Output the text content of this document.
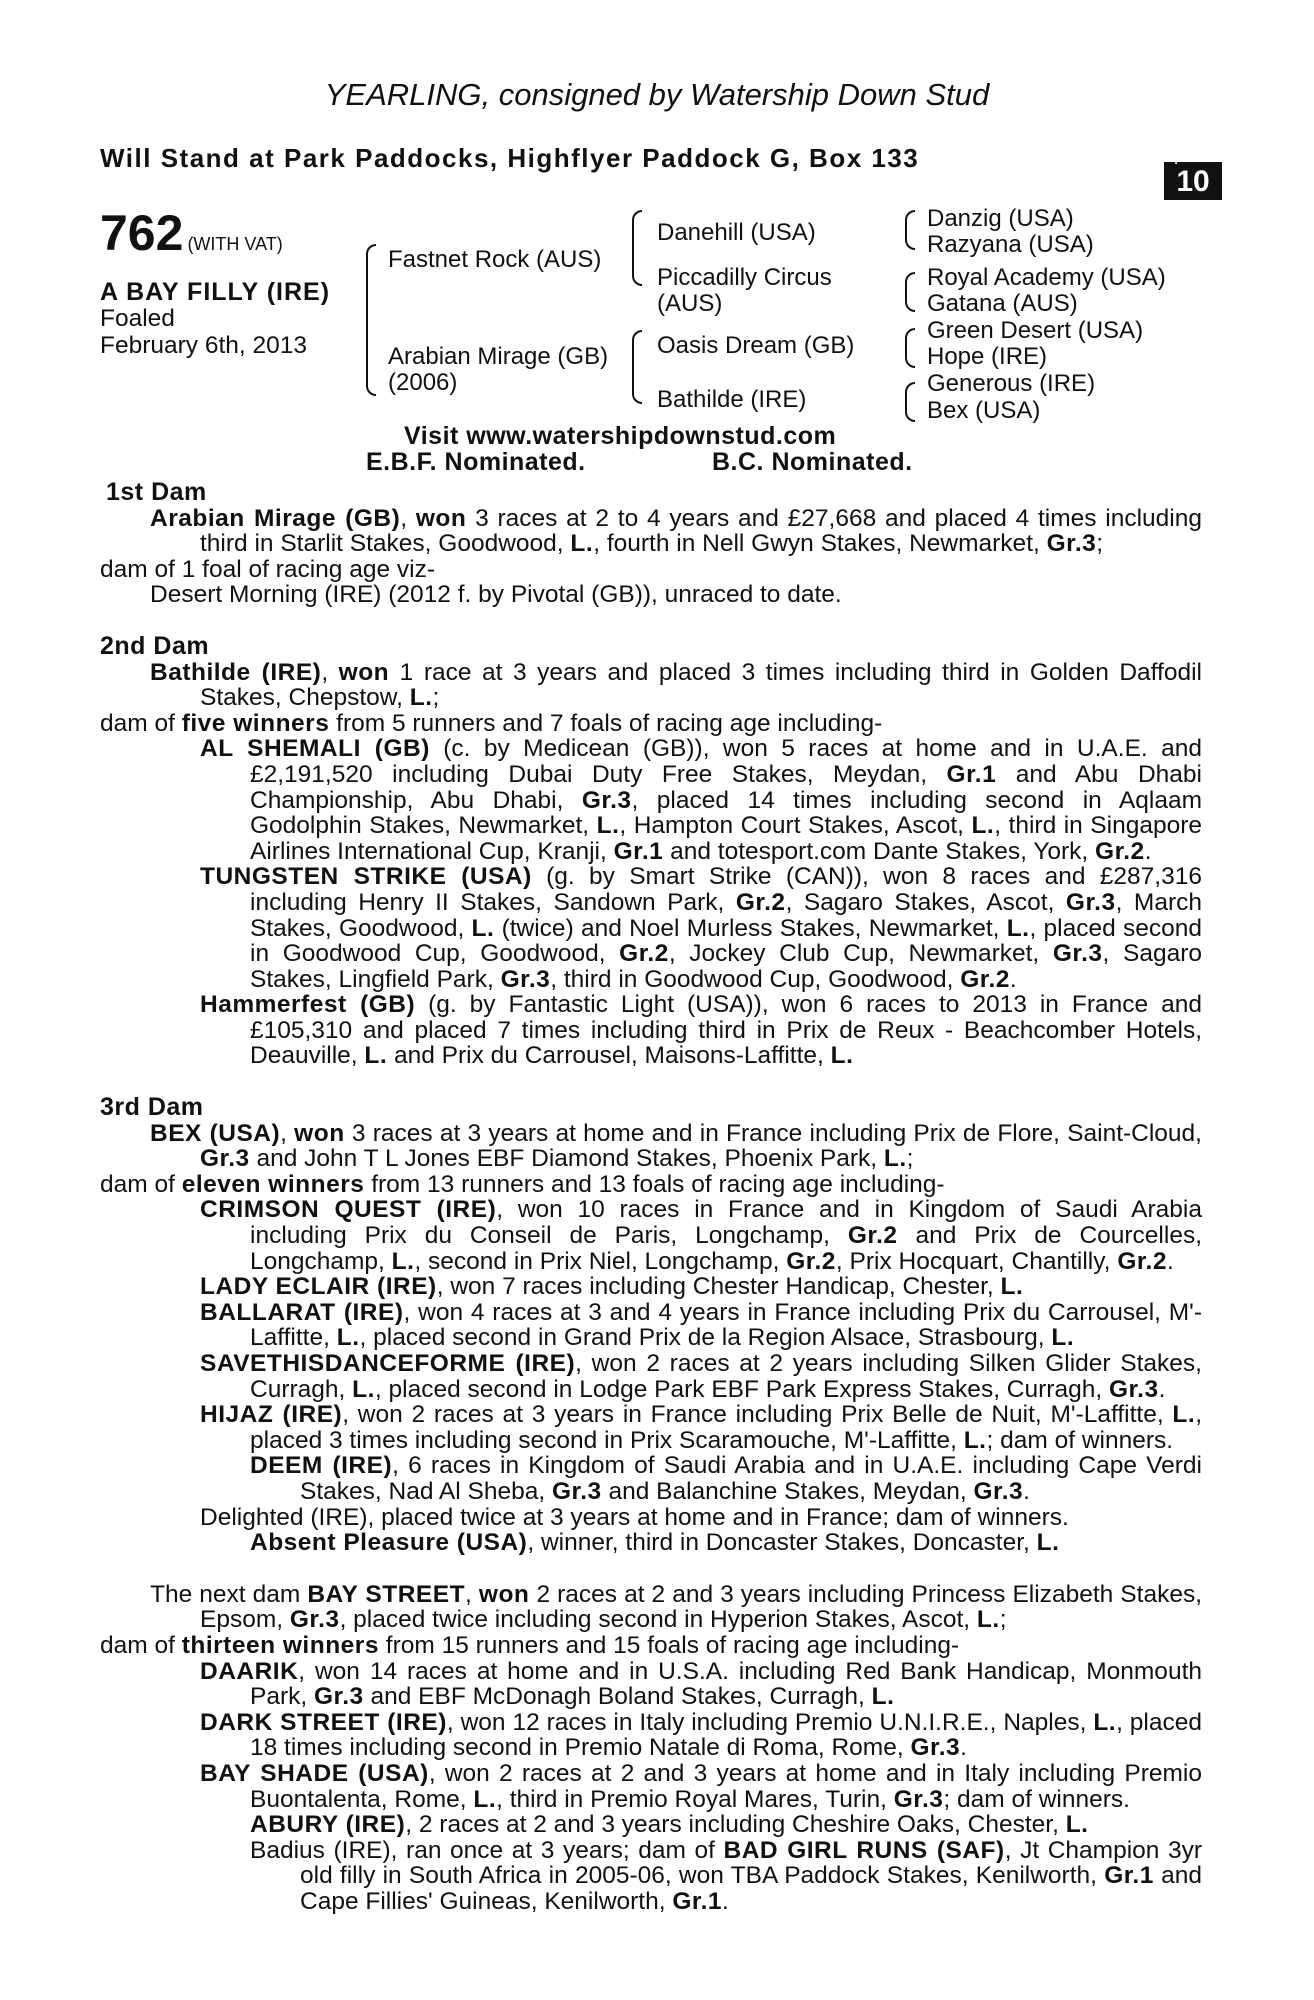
YEARLING, consigned by Watership Down Stud
Will Stand at Park Paddocks, Highflyer Paddock G, Box 133	+
10
762 (WITH VAT)
A BAY FILLY (IRE)
Foaled
February 6th, 2013
Fastnet Rock (AUS)
Arabian Mirage (GB)
(2006)
Danehill (USA)
Piccadilly Circus
(AUS)
Oasis Dream (GB)
Bathilde (IRE)
Danzig (USA)
Razyana (USA)
Royal Academy (USA)
Gatana (AUS)
Green Desert (USA)
Hope (IRE)
Generous (IRE)
Bex (USA)
Visit www.watershipdownstud.com
E.B.F. Nominated.	B.C. Nominated.
1st Dam

Arabian Mirage (GB), won 3 races at 2 to 4 years and £27,668 and placed 4 times including third in Starlit Stakes, Goodwood, L., fourth in Nell Gwyn Stakes, Newmarket, Gr.3;

dam of 1 foal of racing age viz-

Desert Morning (IRE) (2012 f. by Pivotal (GB)), unraced to date.

2nd Dam

Bathilde (IRE), won 1 race at 3 years and placed 3 times including third in Golden Daffodil Stakes, Chepstow, L.;

dam of five winners from 5 runners and 7 foals of racing age including-

AL SHEMALI (GB) (c. by Medicean (GB)), won 5 races at home and in U.A.E. and £2,191,520 including Dubai Duty Free Stakes, Meydan, Gr.1 and Abu Dhabi Championship, Abu Dhabi, Gr.3, placed 14 times including second in Aqlaam Godolphin Stakes, Newmarket, L., Hampton Court Stakes, Ascot, L., third in Singapore Airlines International Cup, Kranji, Gr.1 and totesport.com Dante Stakes, York, Gr.2.

TUNGSTEN STRIKE (USA) (g. by Smart Strike (CAN)), won 8 races and £287,316 including Henry II Stakes, Sandown Park, Gr.2, Sagaro Stakes, Ascot, Gr.3, March Stakes, Goodwood, L. (twice) and Noel Murless Stakes, Newmarket, L., placed second in Goodwood Cup, Goodwood, Gr.2, Jockey Club Cup, Newmarket, Gr.3, Sagaro Stakes, Lingfield Park, Gr.3, third in Goodwood Cup, Goodwood, Gr.2.

Hammerfest (GB) (g. by Fantastic Light (USA)), won 6 races to 2013 in France and £105,310 and placed 7 times including third in Prix de Reux - Beachcomber Hotels, Deauville, L. and Prix du Carrousel, Maisons-Laffitte, L.

3rd Dam

BEX (USA), won 3 races at 3 years at home and in France including Prix de Flore, Saint-Cloud, Gr.3 and John T L Jones EBF Diamond Stakes, Phoenix Park, L.;

dam of eleven winners from 13 runners and 13 foals of racing age including-

CRIMSON QUEST (IRE), won 10 races in France and in Kingdom of Saudi Arabia including Prix du Conseil de Paris, Longchamp, Gr.2 and Prix de Courcelles, Longchamp, L., second in Prix Niel, Longchamp, Gr.2, Prix Hocquart, Chantilly, Gr.2.

LADY ECLAIR (IRE), won 7 races including Chester Handicap, Chester, L.

BALLARAT (IRE), won 4 races at 3 and 4 years in France including Prix du Carrousel, M'-Laffitte, L., placed second in Grand Prix de la Region Alsace, Strasbourg, L.

SAVETHISDANCEFORME (IRE), won 2 races at 2 years including Silken Glider Stakes, Curragh, L., placed second in Lodge Park EBF Park Express Stakes, Curragh, Gr.3.

HIJAZ (IRE), won 2 races at 3 years in France including Prix Belle de Nuit, M'-Laffitte, L., placed 3 times including second in Prix Scaramouche, M'-Laffitte, L.; dam of winners.

DEEM (IRE), 6 races in Kingdom of Saudi Arabia and in U.A.E. including Cape Verdi Stakes, Nad Al Sheba, Gr.3 and Balanchine Stakes, Meydan, Gr.3.

Delighted (IRE), placed twice at 3 years at home and in France; dam of winners.

Absent Pleasure (USA), winner, third in Doncaster Stakes, Doncaster, L.

The next dam BAY STREET, won 2 races at 2 and 3 years including Princess Elizabeth Stakes, Epsom, Gr.3, placed twice including second in Hyperion Stakes, Ascot, L.;

dam of thirteen winners from 15 runners and 15 foals of racing age including-

DAARIK, won 14 races at home and in U.S.A. including Red Bank Handicap, Monmouth Park, Gr.3 and EBF McDonagh Boland Stakes, Curragh, L.

DARK STREET (IRE), won 12 races in Italy including Premio U.N.I.R.E., Naples, L., placed 18 times including second in Premio Natale di Roma, Rome, Gr.3.

BAY SHADE (USA), won 2 races at 2 and 3 years at home and in Italy including Premio Buontalenta, Rome, L., third in Premio Royal Mares, Turin, Gr.3; dam of winners.

ABURY (IRE), 2 races at 2 and 3 years including Cheshire Oaks, Chester, L.

Badius (IRE), ran once at 3 years; dam of BAD GIRL RUNS (SAF), Jt Champion 3yr old filly in South Africa in 2005-06, won TBA Paddock Stakes, Kenilworth, Gr.1 and Cape Fillies' Guineas, Kenilworth, Gr.1.
